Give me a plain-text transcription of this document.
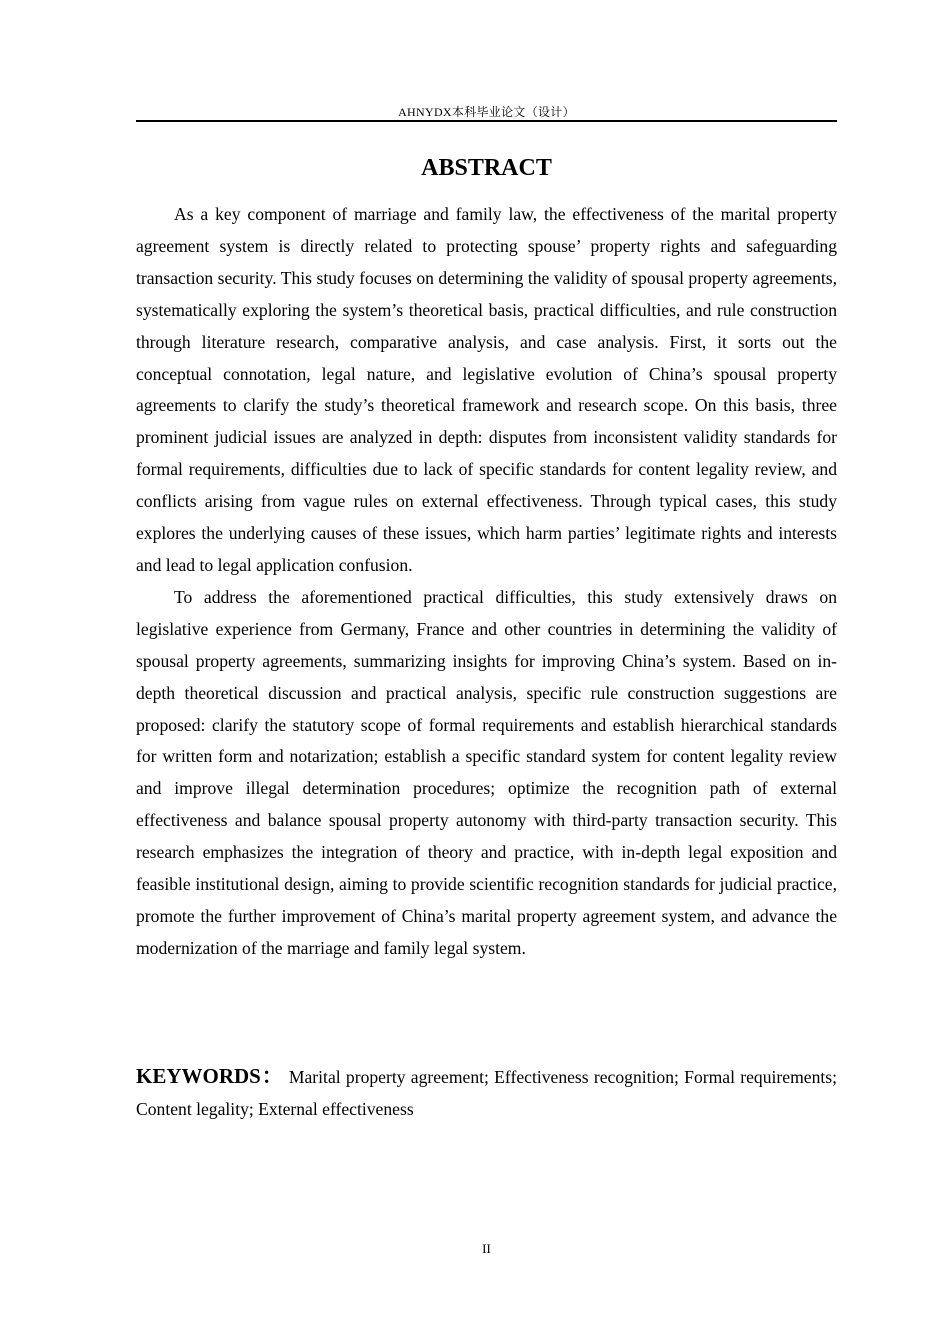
AHNYDX本科毕业论文（设计）
ABSTRACT

As a key component of marriage and family law, the effectiveness of the marital property agreement system is directly related to protecting spouse’ property rights and safeguarding transaction security. This study focuses on determining the validity of spousal property agreements, systematically exploring the system’s theoretical basis, practical difficulties, and rule construction through literature research, comparative analysis, and case analysis. First, it sorts out the conceptual connotation, legal nature, and legislative evolution of China’s spousal property agreements to clarify the study’s theoretical framework and research scope. On this basis, three prominent judicial issues are analyzed in depth: disputes from inconsistent validity standards for formal requirements, difficulties due to lack of specific standards for content legality review, and conflicts arising from vague rules on external effectiveness. Through typical cases, this study explores the underlying causes of these issues, which harm parties’ legitimate rights and interests and lead to legal application confusion.

To address the aforementioned practical difficulties, this study extensively draws on legislative experience from Germany, France and other countries in determining the validity of spousal property agreements, summarizing insights for improving China’s system. Based on in-depth theoretical discussion and practical analysis, specific rule construction suggestions are proposed: clarify the statutory scope of formal requirements and establish hierarchical standards for written form and notarization; establish a specific standard system for content legality review and improve illegal determination procedures; optimize the recognition path of external effectiveness and balance spousal property autonomy with third-party transaction security. This research emphasizes the integration of theory and practice, with in-depth legal exposition and feasible institutional design, aiming to provide scientific recognition standards for judicial practice, promote the further improvement of China’s marital property agreement system, and advance the modernization of the marriage and family legal system.

KEYWORDS： Marital property agreement; Effectiveness recognition; Formal requirements; Content legality; External effectiveness

II
